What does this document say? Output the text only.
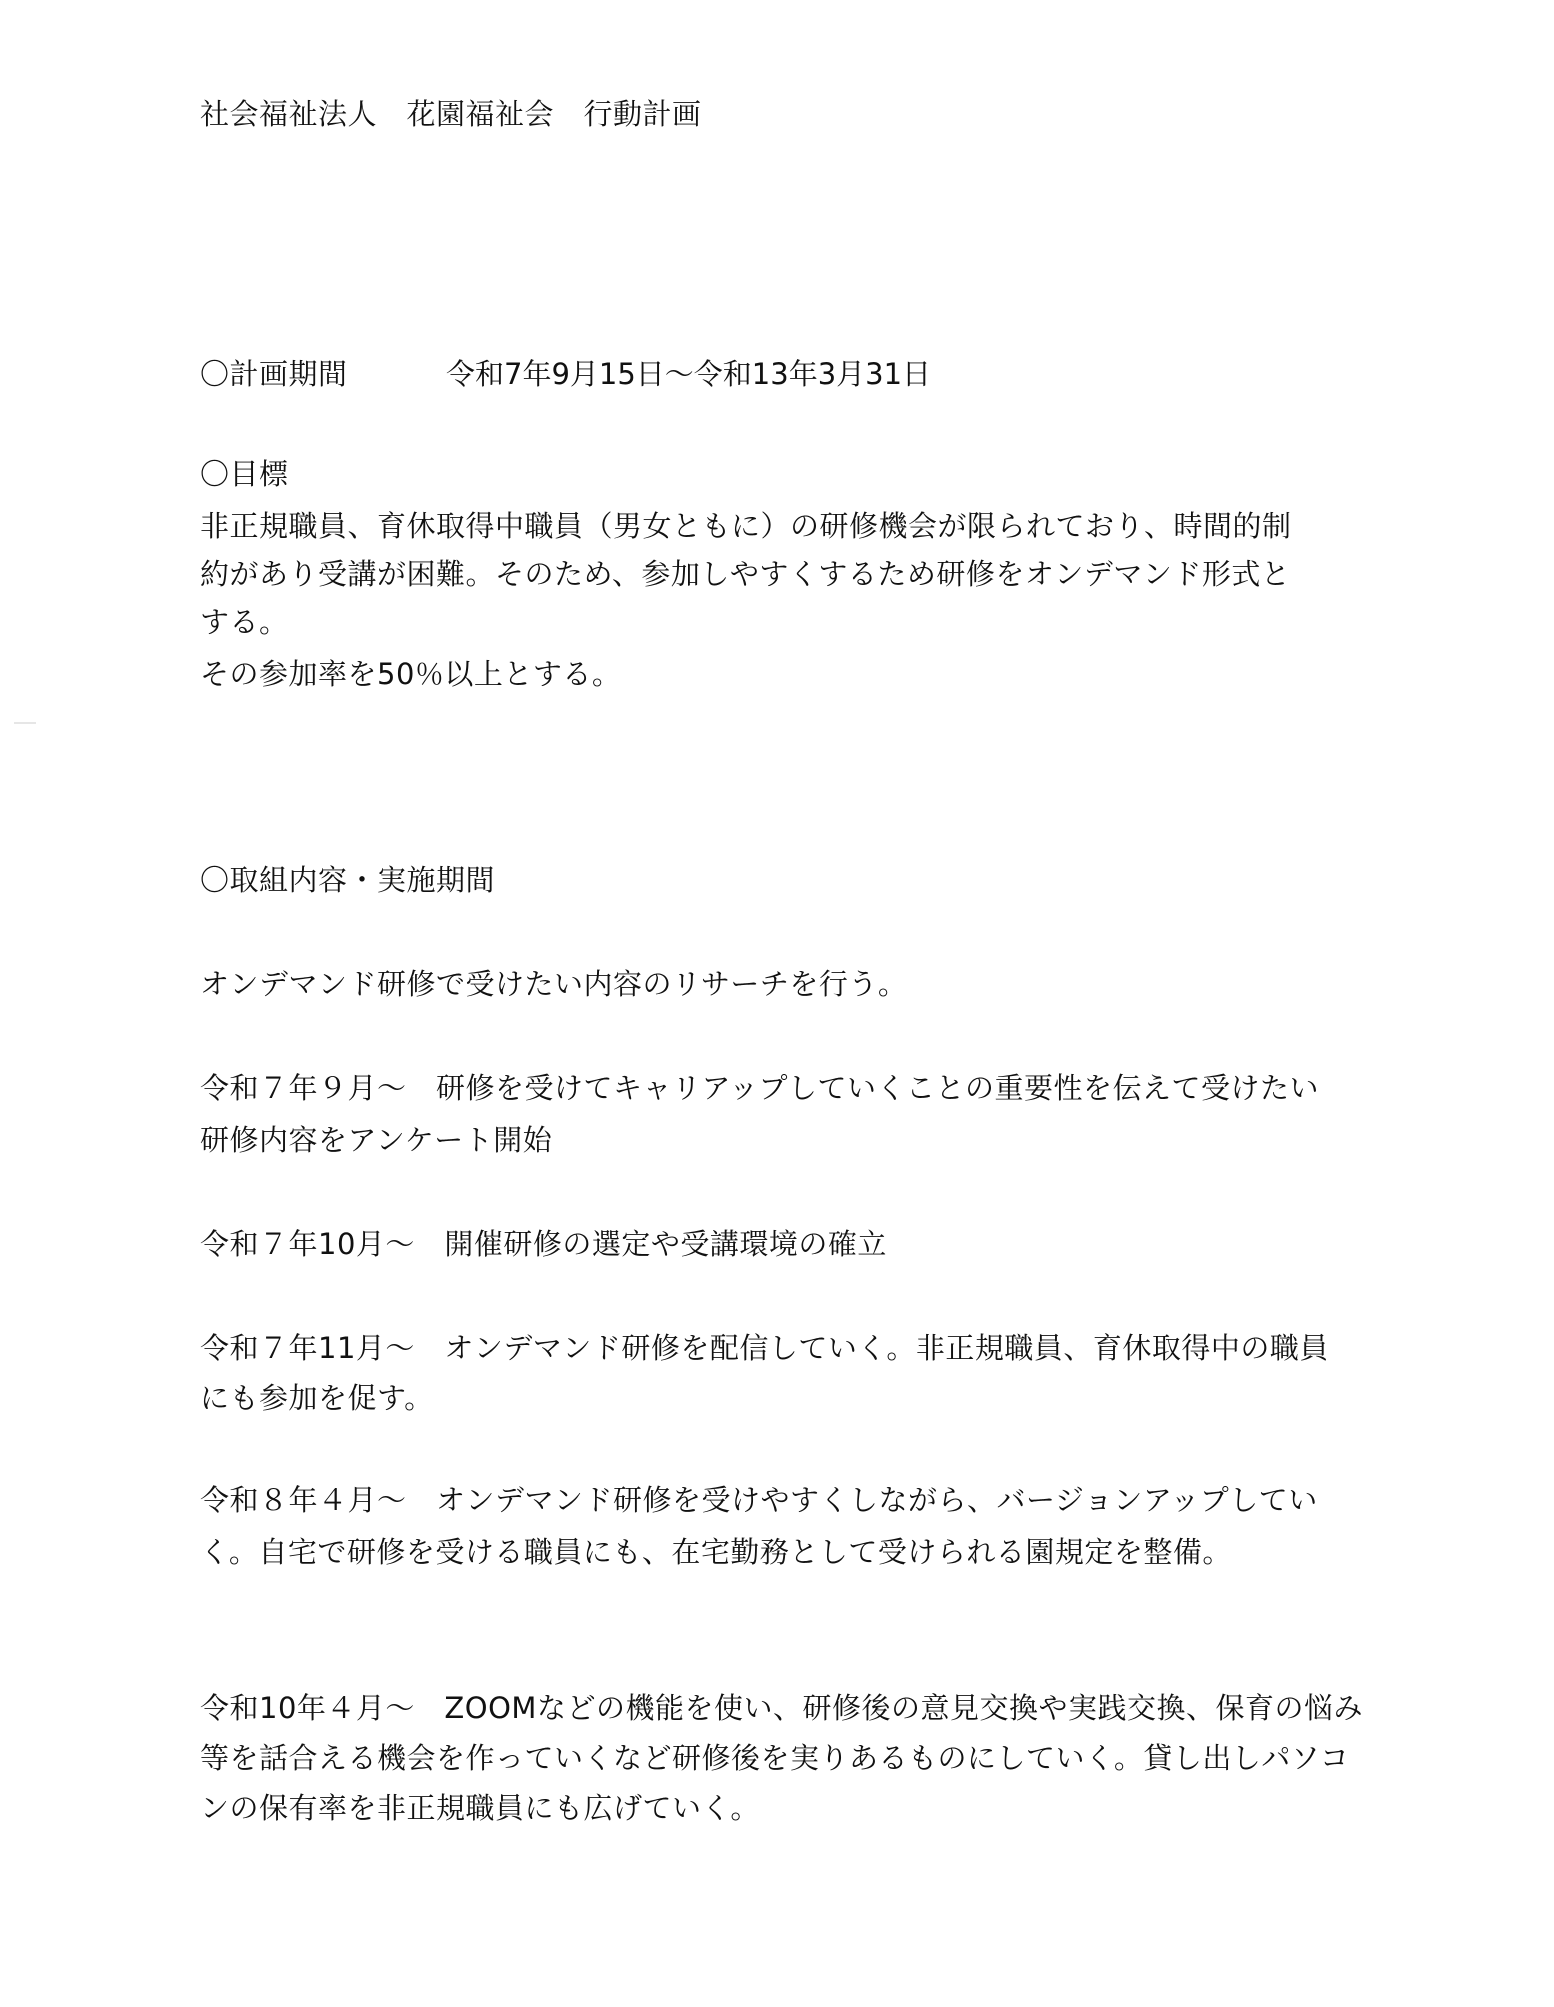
社会福祉法人　花園福祉会　行動計画
〇計画期間	令和7年9月15日～令和13年3月31日
〇目標
非正規職員、育休取得中職員（男女ともに）の研修機会が限られており、時間的制
約があり受講が困難。そのため、参加しやすくするため研修をオンデマンド形式と
する。
その参加率を50％以上とする。
〇取組内容・実施期間
オンデマンド研修で受けたい内容のリサーチを行う。
令和７年９月～　研修を受けてキャリアップしていくことの重要性を伝えて受けたい
研修内容をアンケート開始
令和７年10月～　開催研修の選定や受講環境の確立
令和７年11月～　オンデマンド研修を配信していく。非正規職員、育休取得中の職員
にも参加を促す。
令和８年４月～　オンデマンド研修を受けやすくしながら、バージョンアップしてい
く。自宅で研修を受ける職員にも、在宅勤務として受けられる園規定を整備。
令和10年４月～　ZOOMなどの機能を使い、研修後の意見交換や実践交換、保育の悩み
等を話合える機会を作っていくなど研修後を実りあるものにしていく。貸し出しパソコ
ンの保有率を非正規職員にも広げていく。
